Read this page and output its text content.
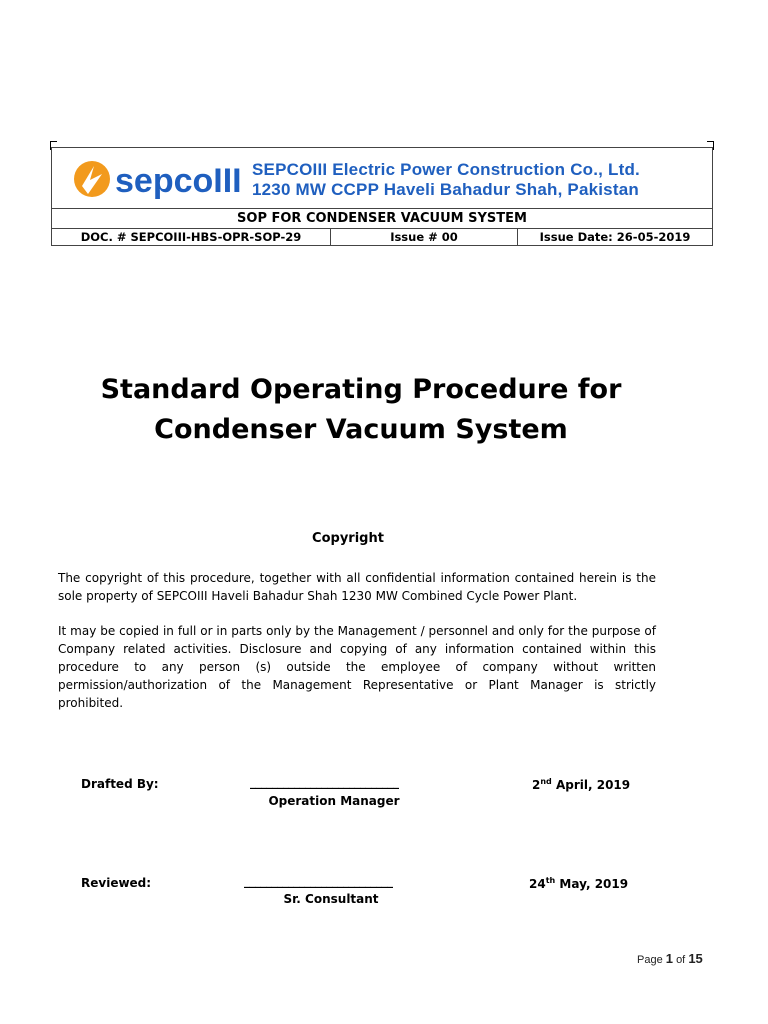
sepcoIII SEPCOIII Electric Power Construction Co., Ltd.
1230 MW CCPP Haveli Bahadur Shah, Pakistan
SOP FOR CONDENSER VACUUM SYSTEM
DOC. # SEPCOIII-HBS-OPR-SOP-29	Issue # 00	Issue Date: 26-05-2019
Standard Operating Procedure for
Condenser Vacuum System
Copyright
The copyright of this procedure, together with all confidential information contained herein is the sole property of SEPCOIII Haveli Bahadur Shah 1230 MW Combined Cycle Power Plant.
It may be copied in full or in parts only by the Management / personnel and only for the purpose of Company related activities. Disclosure and copying of any information contained within this procedure to any person (s) outside the employee of company without written permission/authorization of the Management Representative or Plant Manager is strictly prohibited.
Drafted By:	___________________________
Operation Manager
2nd April, 2019
Reviewed:	___________________________
Sr. Consultant
24th May, 2019
Page 1 of 15
